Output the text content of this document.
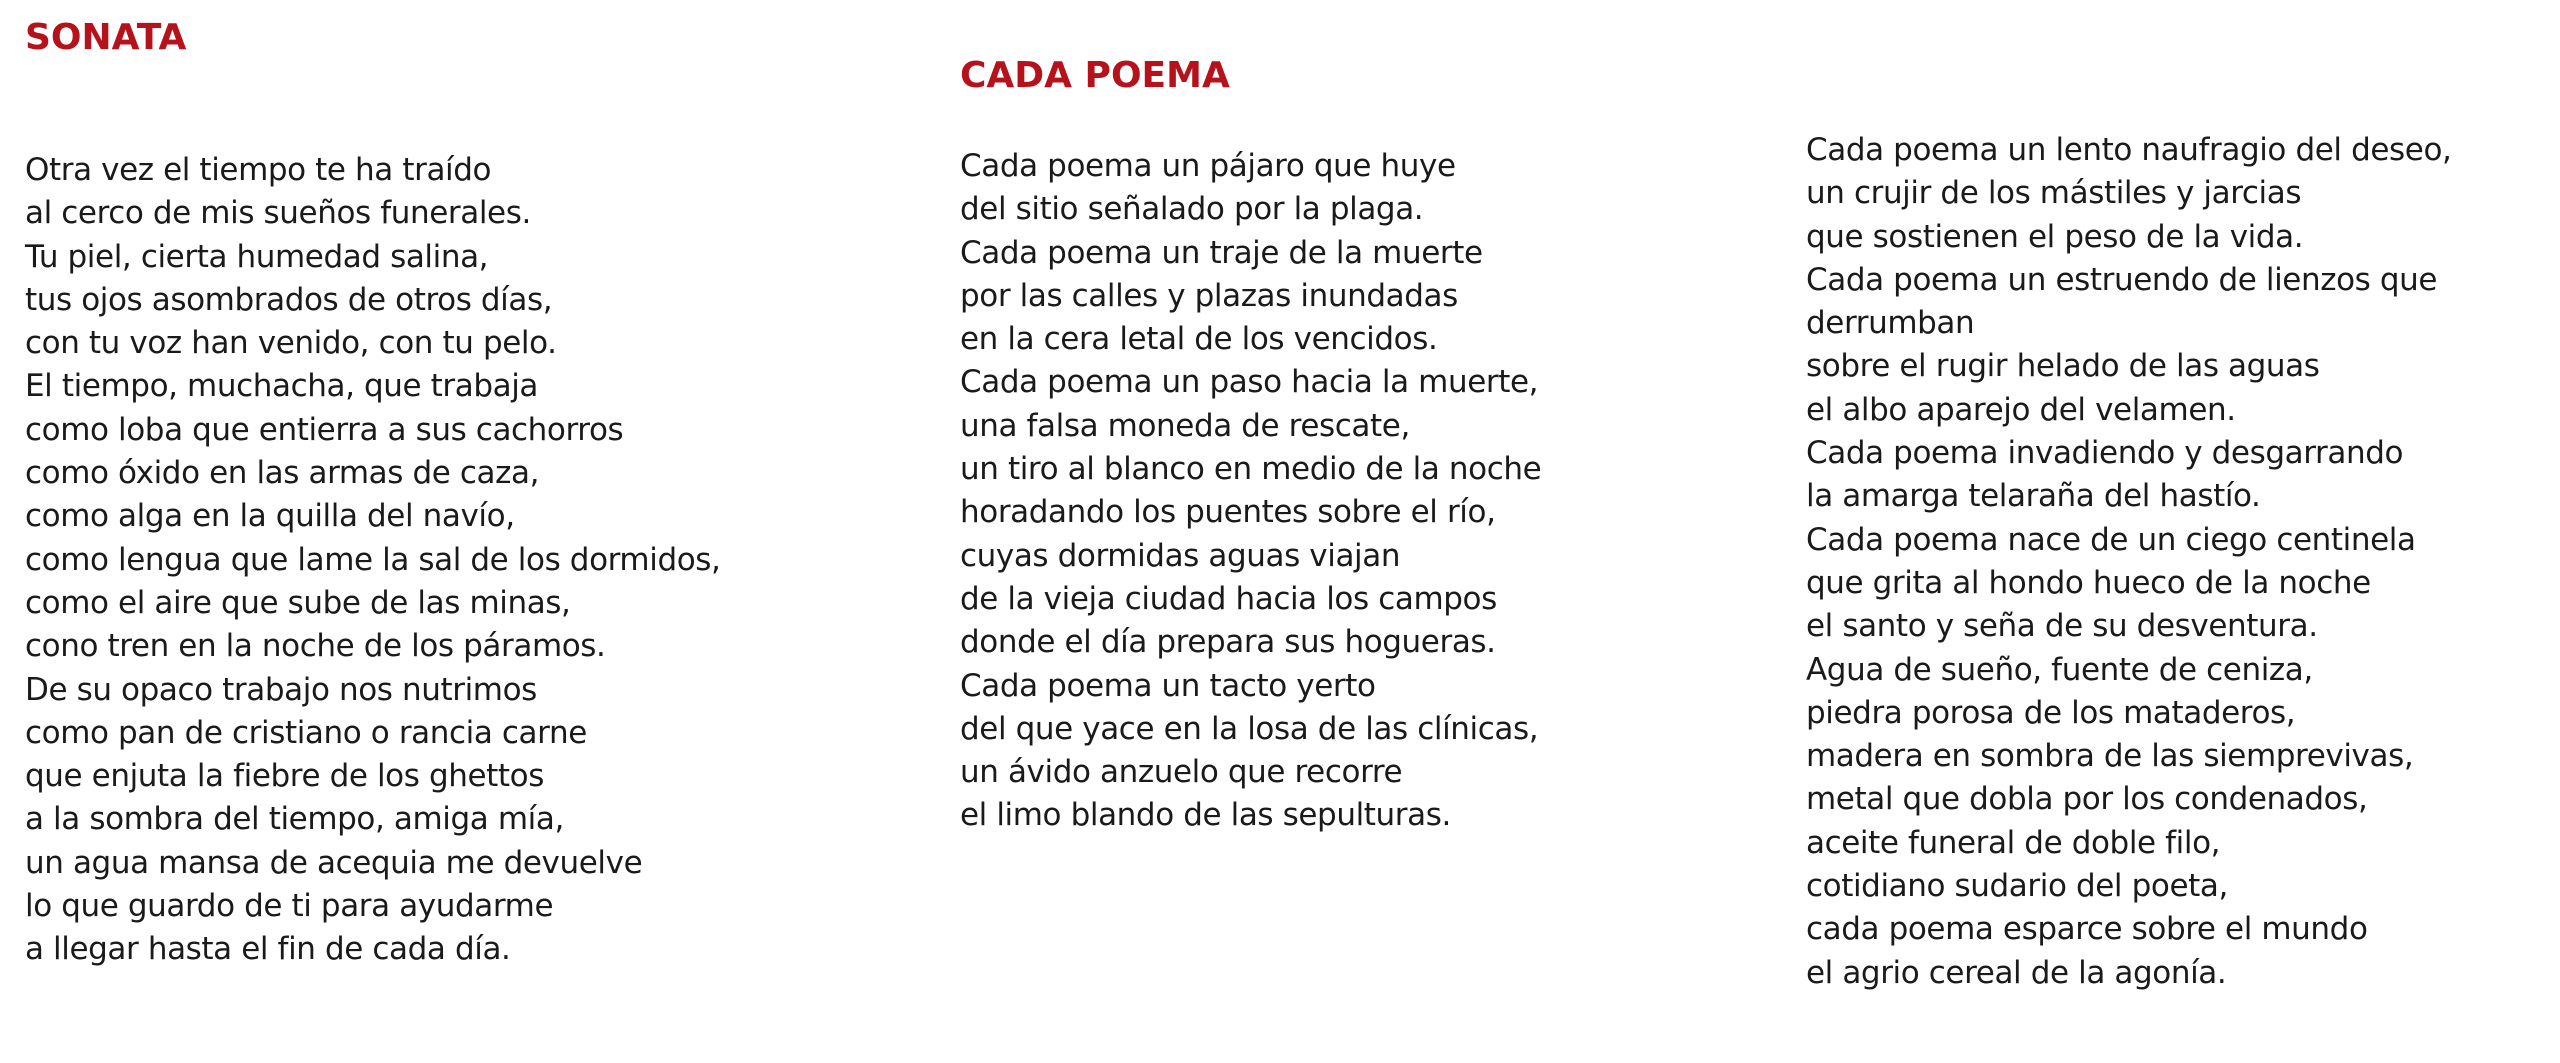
SONATA
Otra vez el tiempo te ha traído
al cerco de mis sueños funerales.
Tu piel, cierta humedad salina,
tus ojos asombrados de otros días,
con tu voz han venido, con tu pelo.
El tiempo, muchacha, que trabaja
como loba que entierra a sus cachorros
como óxido en las armas de caza,
como alga en la quilla del navío,
como lengua que lame la sal de los dormidos,
como el aire que sube de las minas,
cono tren en la noche de los páramos.
De su opaco trabajo nos nutrimos
como pan de cristiano o rancia carne
que enjuta la fiebre de los ghettos
a la sombra del tiempo, amiga mía,
un agua mansa de acequia me devuelve
lo que guardo de ti para ayudarme
a llegar hasta el fin de cada día.
CADA POEMA
Cada poema un pájaro que huye
del sitio señalado por la plaga.
Cada poema un traje de la muerte
por las calles y plazas inundadas
en la cera letal de los vencidos.
Cada poema un paso hacia la muerte,
una falsa moneda de rescate,
un tiro al blanco en medio de la noche
horadando los puentes sobre el río,
cuyas dormidas aguas viajan
de la vieja ciudad hacia los campos
donde el día prepara sus hogueras.
Cada poema un tacto yerto
del que yace en la losa de las clínicas,
un ávido anzuelo que recorre
el limo blando de las sepulturas.
Cada poema un lento naufragio del deseo,
un crujir de los mástiles y jarcias
que sostienen el peso de la vida.
Cada poema un estruendo de lienzos que
derrumban
sobre el rugir helado de las aguas
el albo aparejo del velamen.
Cada poema invadiendo y desgarrando
la amarga telaraña del hastío.
Cada poema nace de un ciego centinela
que grita al hondo hueco de la noche
el santo y seña de su desventura.
Agua de sueño, fuente de ceniza,
piedra porosa de los mataderos,
madera en sombra de las siemprevivas,
metal que dobla por los condenados,
aceite funeral de doble filo,
cotidiano sudario del poeta,
cada poema esparce sobre el mundo
el agrio cereal de la agonía.
